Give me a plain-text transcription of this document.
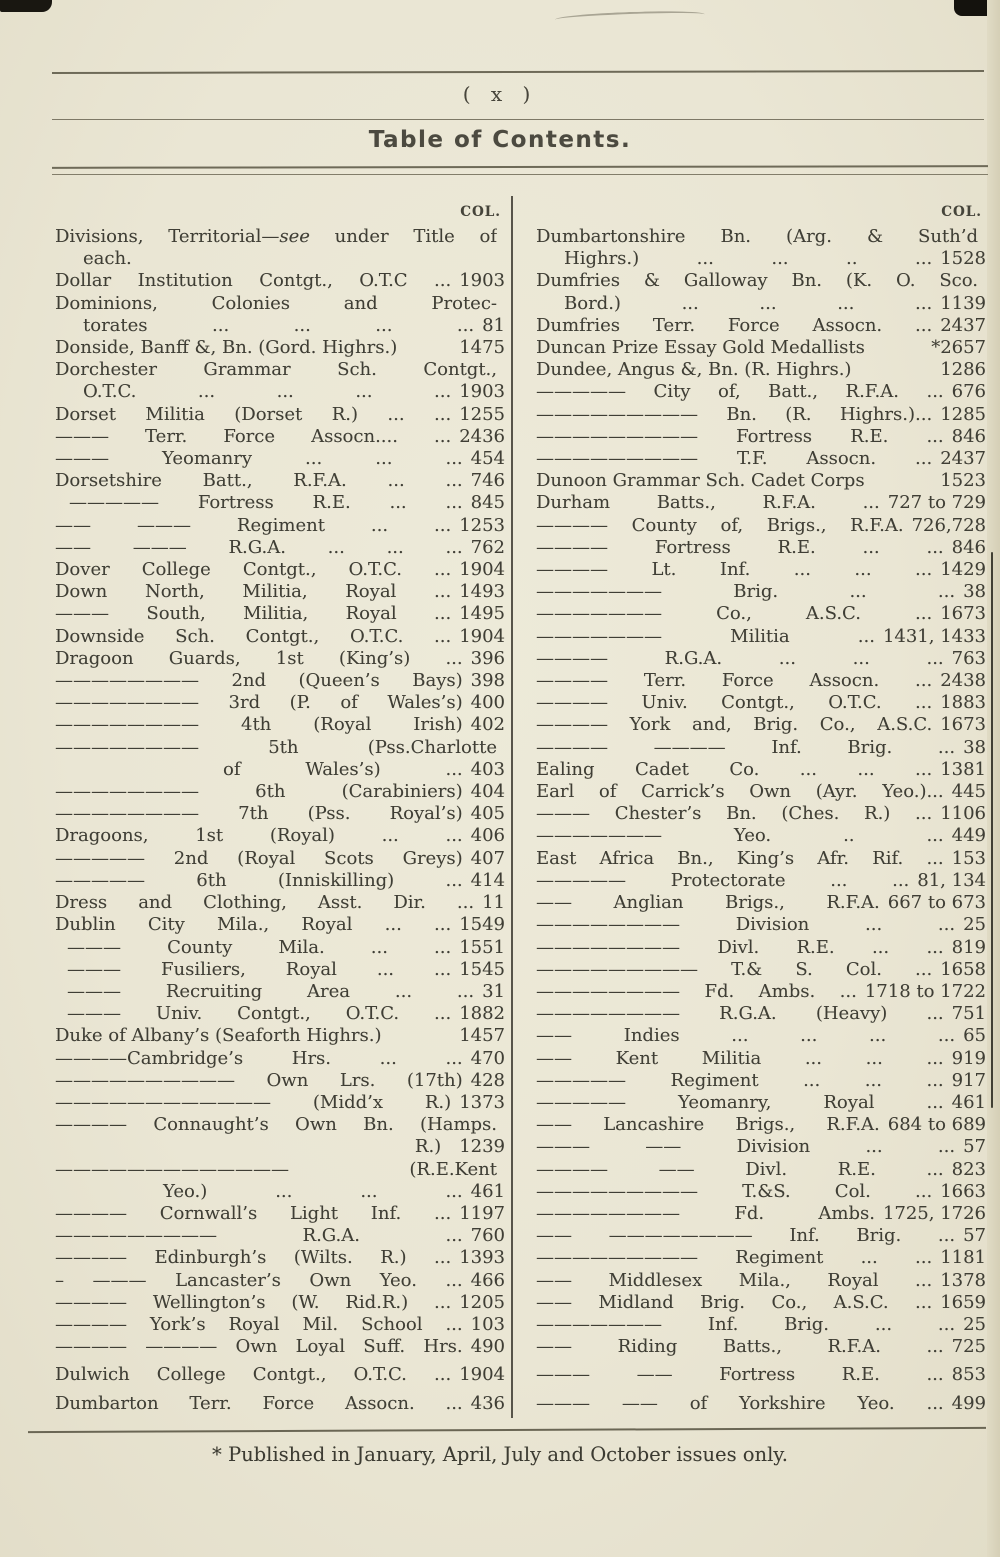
( x )
Table of Contents.
COL.
Divisions, Territorial—see under Title of
each.
Dollar Institution Contgt., O.T.C ... 1903
Dominions, Colonies and Protec-
torates ... ... ... ... 81
Donside, Banff &, Bn. (Gord. Highrs.)	1475
Dorchester Grammar Sch. Contgt.,
O.T.C. ... ... ... ... 1903
Dorset Militia (Dorset R.) ... ... 1255
——— Terr. Force Assocn.... ... 2436
——— Yeomanry ... ... ... 454
Dorsetshire Batt., R.F.A. ... ... 746
————— Fortress R.E. ... ... 845
—— ——— Regiment ... ... 1253
—— ——— R.G.A. ... ... ... 762
Dover College Contgt., O.T.C. ... 1904
Down North, Militia, Royal ... 1493
——— South, Militia, Royal ... 1495
Downside Sch. Contgt., O.T.C. ... 1904
Dragoon Guards, 1st (King’s) ... 396
———————— 2nd (Queen’s Bays) 398
———————— 3rd (P. of Wales’s) 400
———————— 4th (Royal Irish) 402
———————— 5th (Pss.Charlotte
of Wales’s) ... 403
———————— 6th (Carabiniers) 404
———————— 7th (Pss. Royal’s) 405
Dragoons, 1st (Royal) ... ... 406
————— 2nd (Royal Scots Greys) 407
————— 6th (Inniskilling) ... 414
Dress and Clothing, Asst. Dir. ... 11
Dublin City Mila., Royal ... ... 1549
——— County Mila. ... ... 1551
——— Fusiliers, Royal ... ... 1545
——— Recruiting Area ... ... 31
——— Univ. Contgt., O.T.C. ... 1882
Duke of Albany’s (Seaforth Highrs.)	1457
————Cambridge’s Hrs. ... ... 470
—————————— Own Lrs. (17th) 428
———————————— (Midd’x R.) 1373
———— Connaught’s Own Bn. (Hamps.
R.)	1239
————————————— (R.E.Kent
Yeo.) ... ... ... 461
———— Cornwall’s Light Inf. ... 1197
————————— R.G.A. ... 760
———— Edinburgh’s (Wilts. R.) ... 1393
– ——— Lancaster’s Own Yeo. ... 466
———— Wellington’s (W. Rid.R.) ... 1205
———— York’s Royal Mil. School ... 103
———— ———— Own Loyal Suff. Hrs. 490
Dulwich College Contgt., O.T.C. ... 1904
Dumbarton Terr. Force Assocn. ... 436
COL.
Dumbartonshire Bn. (Arg. & Suth’d
Highrs.) ... ... .. ... 1528
Dumfries & Galloway Bn. (K. O. Sco.
Bord.) ... ... ... ... 1139
Dumfries Terr. Force Assocn. ... 2437
Duncan Prize Essay Gold Medallists	*2657
Dundee, Angus &, Bn. (R. Highrs.)	1286
————— City of, Batt., R.F.A. ... 676
————————— Bn. (R. Highrs.)... 1285
————————— Fortress R.E. ... 846
————————— T.F. Assocn. ... 2437
Dunoon Grammar Sch. Cadet Corps	1523
Durham Batts., R.F.A. ... 727 to 729
———— County of, Brigs., R.F.A. 726,728
———— Fortress R.E. ... ... 846
———— Lt. Inf. ... ... ... 1429
——————— Brig. ... ... 38
——————— Co., A.S.C. ... 1673
——————— Militia ... 1431, 1433
———— R.G.A. ... ... ... 763
———— Terr. Force Assocn. ... 2438
———— Univ. Contgt., O.T.C. ... 1883
———— York and, Brig. Co., A.S.C. 1673
———— ———— Inf. Brig. ... 38
Ealing Cadet Co. ... ... ... 1381
Earl of Carrick’s Own (Ayr. Yeo.)... 445
——— Chester’s Bn. (Ches. R.) ... 1106
——————— Yeo. .. ... 449
East Africa Bn., King’s Afr. Rif. ... 153
————— Protectorate ... ... 81, 134
—— Anglian Brigs., R.F.A. 667 to 673
———————— Division ... ... 25
———————— Divl. R.E. ... ... 819
————————— T.& S. Col. ... 1658
———————— Fd. Ambs. ... 1718 to 1722
———————— R.G.A. (Heavy) ... 751
—— Indies ... ... ... ... 65
—— Kent Militia ... ... ... 919
————— Regiment ... ... ... 917
————— Yeomanry, Royal ... 461
—— Lancashire Brigs., R.F.A. 684 to 689
——— —— Division ... ... 57
———— —— Divl. R.E. ... 823
————————— T.&S. Col. ... 1663
———————— Fd. Ambs. 1725, 1726
—— ———————— Inf. Brig. ... 57
————————— Regiment ... ... 1181
—— Middlesex Mila., Royal ... 1378
—— Midland Brig. Co., A.S.C. ... 1659
——————— Inf. Brig. ... ... 25
—— Riding Batts., R.F.A. ... 725
——— —— Fortress R.E. ... 853
——— —— of Yorkshire Yeo. ... 499
* Published in January, April, July and October issues only.
